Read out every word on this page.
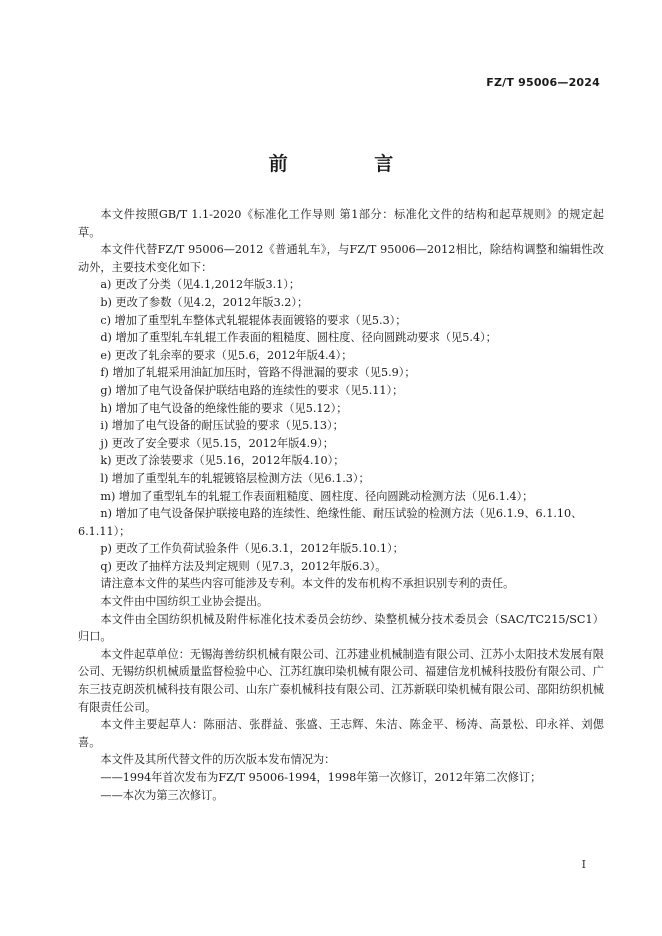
FZ/T 95006—2024
前 言

本文件按照GB/T 1.1-2020《标准化工作导则 第1部分：标准化文件的结构和起草规则》的规定起草。

本文件代替FZ/T 95006—2012《普通轧车》，与FZ/T 95006—2012相比，除结构调整和编辑性改动外，主要技术变化如下：

a) 更改了分类（见4.1,2012年版3.1）；

b) 更改了参数（见4.2，2012年版3.2）；

c) 增加了重型轧车整体式轧辊辊体表面镀铬的要求（见5.3）；

d) 增加了重型轧车轧辊工作表面的粗糙度、圆柱度、径向圆跳动要求（见5.4）；

e) 更改了轧余率的要求（见5.6，2012年版4.4）；

f) 增加了轧辊采用油缸加压时，管路不得泄漏的要求（见5.9）；

g) 增加了电气设备保护联结电路的连续性的要求（见5.11）；

h) 增加了电气设备的绝缘性能的要求（见5.12）；

i) 增加了电气设备的耐压试验的要求（见5.13）；

j) 更改了安全要求（见5.15，2012年版4.9）；

k) 更改了涂装要求（见5.16，2012年版4.10）；

l) 增加了重型轧车的轧辊镀铬层检测方法（见6.1.3）；

m) 增加了重型轧车的轧辊工作表面粗糙度、圆柱度、径向圆跳动检测方法（见6.1.4）；

n) 增加了电气设备保护联接电路的连续性、绝缘性能、耐压试验的检测方法（见6.1.9、6.1.10、6.1.11）；

p) 更改了工作负荷试验条件（见6.3.1，2012年版5.10.1）；

q) 更改了抽样方法及判定规则（见7.3，2012年版6.3）。

请注意本文件的某些内容可能涉及专利。本文件的发布机构不承担识别专利的责任。

本文件由中国纺织工业协会提出。

本文件由全国纺织机械及附件标准化技术委员会纺纱、染整机械分技术委员会（SAC/TC215/SC1）归口。

本文件起草单位：无锡海善纺织机械有限公司、江苏建业机械制造有限公司、江苏小太阳技术发展有限公司、无锡纺织机械质量监督检验中心、江苏红旗印染机械有限公司、福建信龙机械科技股份有限公司、广东三技克朗茨机械科技有限公司、山东广泰机械科技有限公司、江苏新联印染机械有限公司、邵阳纺织机械有限责任公司。

本文件主要起草人：陈丽洁、张群益、张盛、王志辉、朱洁、陈金平、杨涛、高景松、印永祥、刘偲喜。

本文件及其所代替文件的历次版本发布情况为：

——1994年首次发布为FZ/T 95006-1994，1998年第一次修订，2012年第二次修订；

——本次为第三次修订。

I
